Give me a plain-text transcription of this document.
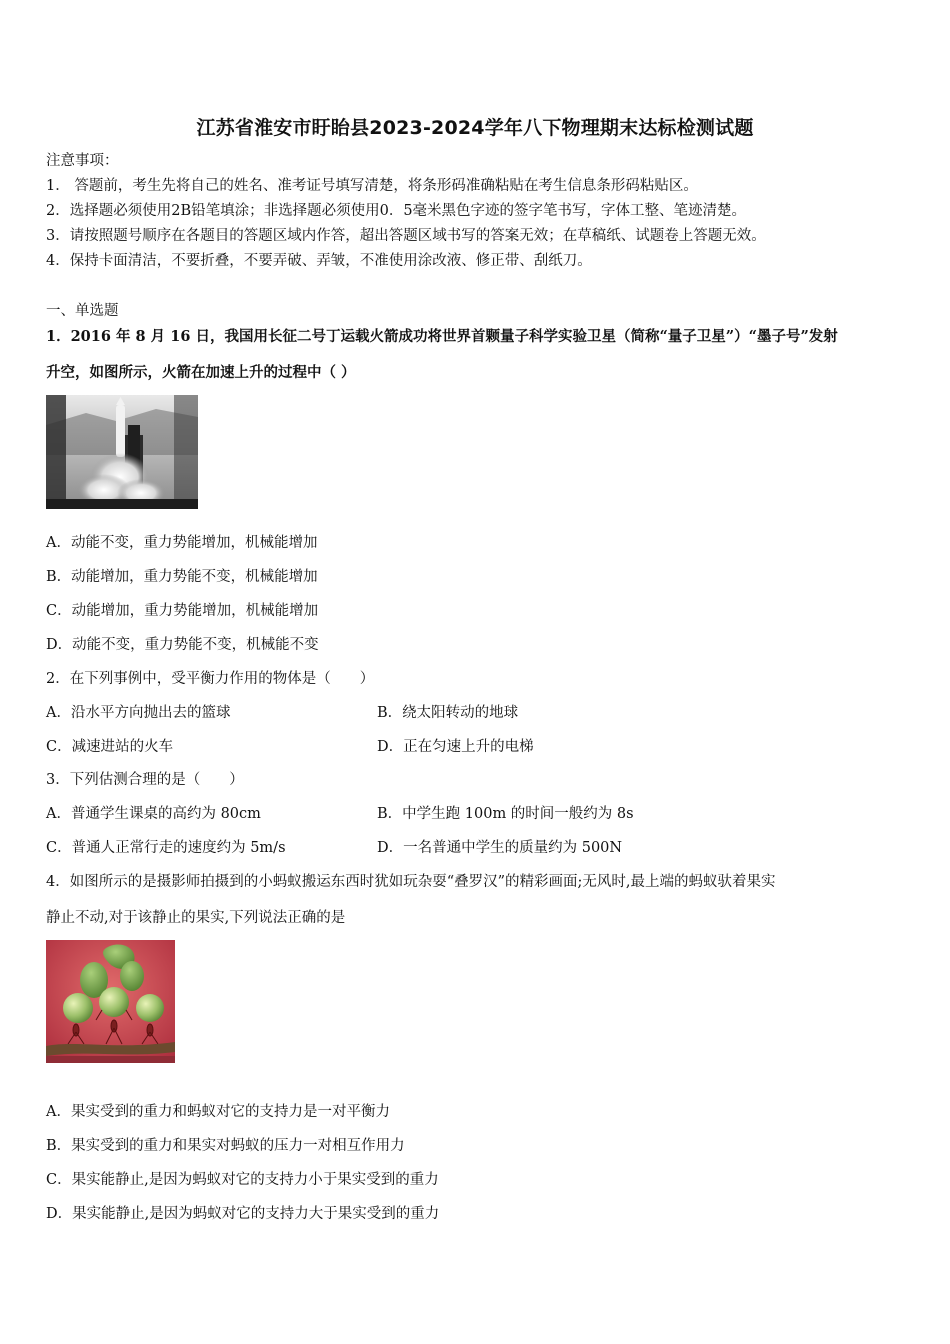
江苏省淮安市盱眙县2023-2024学年八下物理期末达标检测试题
注意事项：
1． 答题前，考生先将自己的姓名、准考证号填写清楚，将条形码准确粘贴在考生信息条形码粘贴区。
2．选择题必须使用2B铅笔填涂；非选择题必须使用0．5毫米黑色字迹的签字笔书写，字体工整、笔迹清楚。
3．请按照题号顺序在各题目的答题区域内作答，超出答题区域书写的答案无效；在草稿纸、试题卷上答题无效。
4．保持卡面清洁，不要折叠，不要弄破、弄皱，不准使用涂改液、修正带、刮纸刀。
一、单选题
1．2016 年 8 月 16 日，我国用长征二号丁运载火箭成功将世界首颗量子科学实验卫星（简称“量子卫星”）“墨子号”发射
升空，如图所示，火箭在加速上升的过程中（ ）
A．动能不变，重力势能增加，机械能增加
B．动能增加，重力势能不变，机械能增加
C．动能增加，重力势能增加，机械能增加
D．动能不变，重力势能不变，机械能不变
2．在下列事例中，受平衡力作用的物体是（　　）
A．沿水平方向抛出去的篮球	B．绕太阳转动的地球
C．减速进站的火车	D．正在匀速上升的电梯
3．下列估测合理的是（　　）
A．普通学生课桌的高约为 80cm	B．中学生跑 100m 的时间一般约为 8s
C．普通人正常行走的速度约为 5m/s	D．一名普通中学生的质量约为 500N
4．如图所示的是摄影师拍摄到的小蚂蚁搬运东西时犹如玩杂耍“叠罗汉”的精彩画面;无风时,最上端的蚂蚁驮着果实
静止不动,对于该静止的果实,下列说法正确的是
A．果实受到的重力和蚂蚁对它的支持力是一对平衡力
B．果实受到的重力和果实对蚂蚁的压力一对相互作用力
C．果实能静止,是因为蚂蚁对它的支持力小于果实受到的重力
D．果实能静止,是因为蚂蚁对它的支持力大于果实受到的重力
